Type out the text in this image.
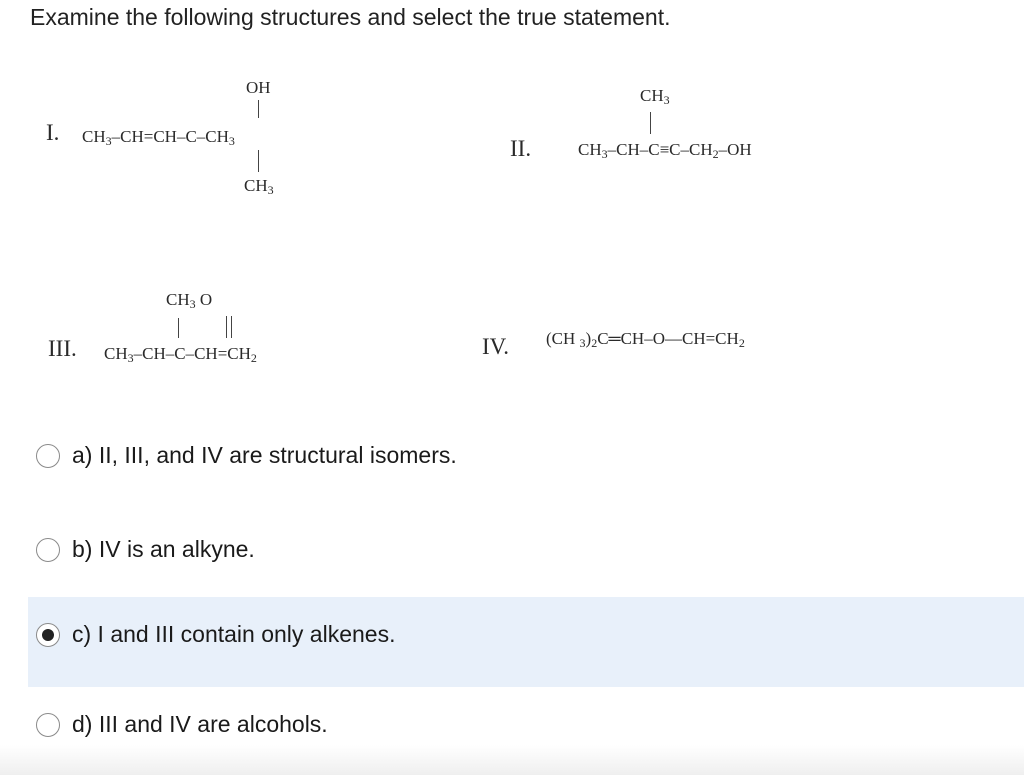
Examine the following structures and select the true statement.
I.
OH
$CH_3-CH=CH-C-CH_3$
$CH_3$
II.
$CH_3$
$CH_3-CH-C\equiv C-CH_2-OH$
III.
$CH_3$ O
$CH_3-CH-C-CH=CH_2$	IV. (CH $_3)_2C═CH-O—CH=CH_2$
a) II, III, and IV are structural isomers.
b) IV is an alkyne.
c) I and III contain only alkenes.
d) III and IV are alcohols.
